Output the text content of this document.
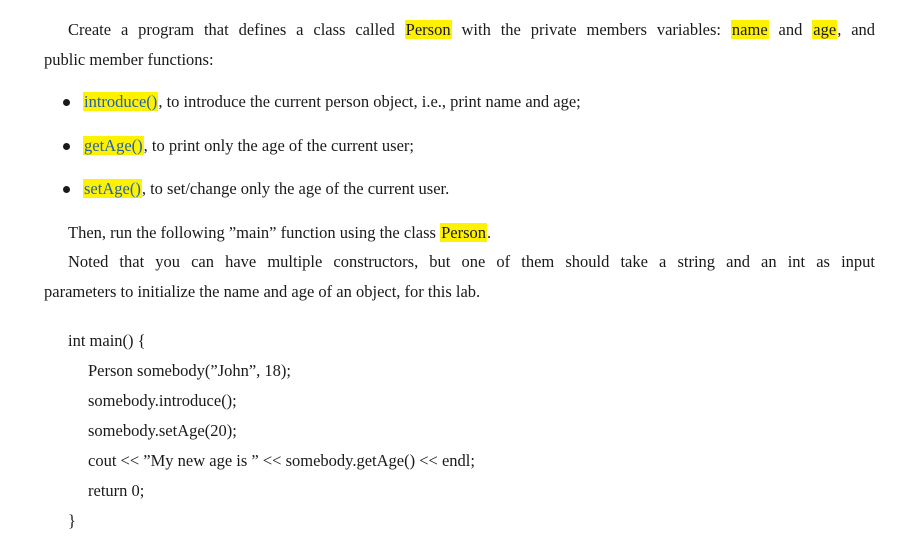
Create a program that defines a class called Person with the private members variables: name and age, and
public member functions:
introduce(), to introduce the current person object, i.e., print name and age;
getAge(), to print only the age of the current user;
setAge(), to set/change only the age of the current user.
Then, run the following ”main” function using the class Person.
Noted that you can have multiple constructors, but one of them should take a string and an int as input
parameters to initialize the name and age of an object, for this lab.
int main() {
Person somebody(”John”, 18);
somebody.introduce();
somebody.setAge(20);
cout << ”My new age is ” << somebody.getAge() << endl;
return 0;
}
